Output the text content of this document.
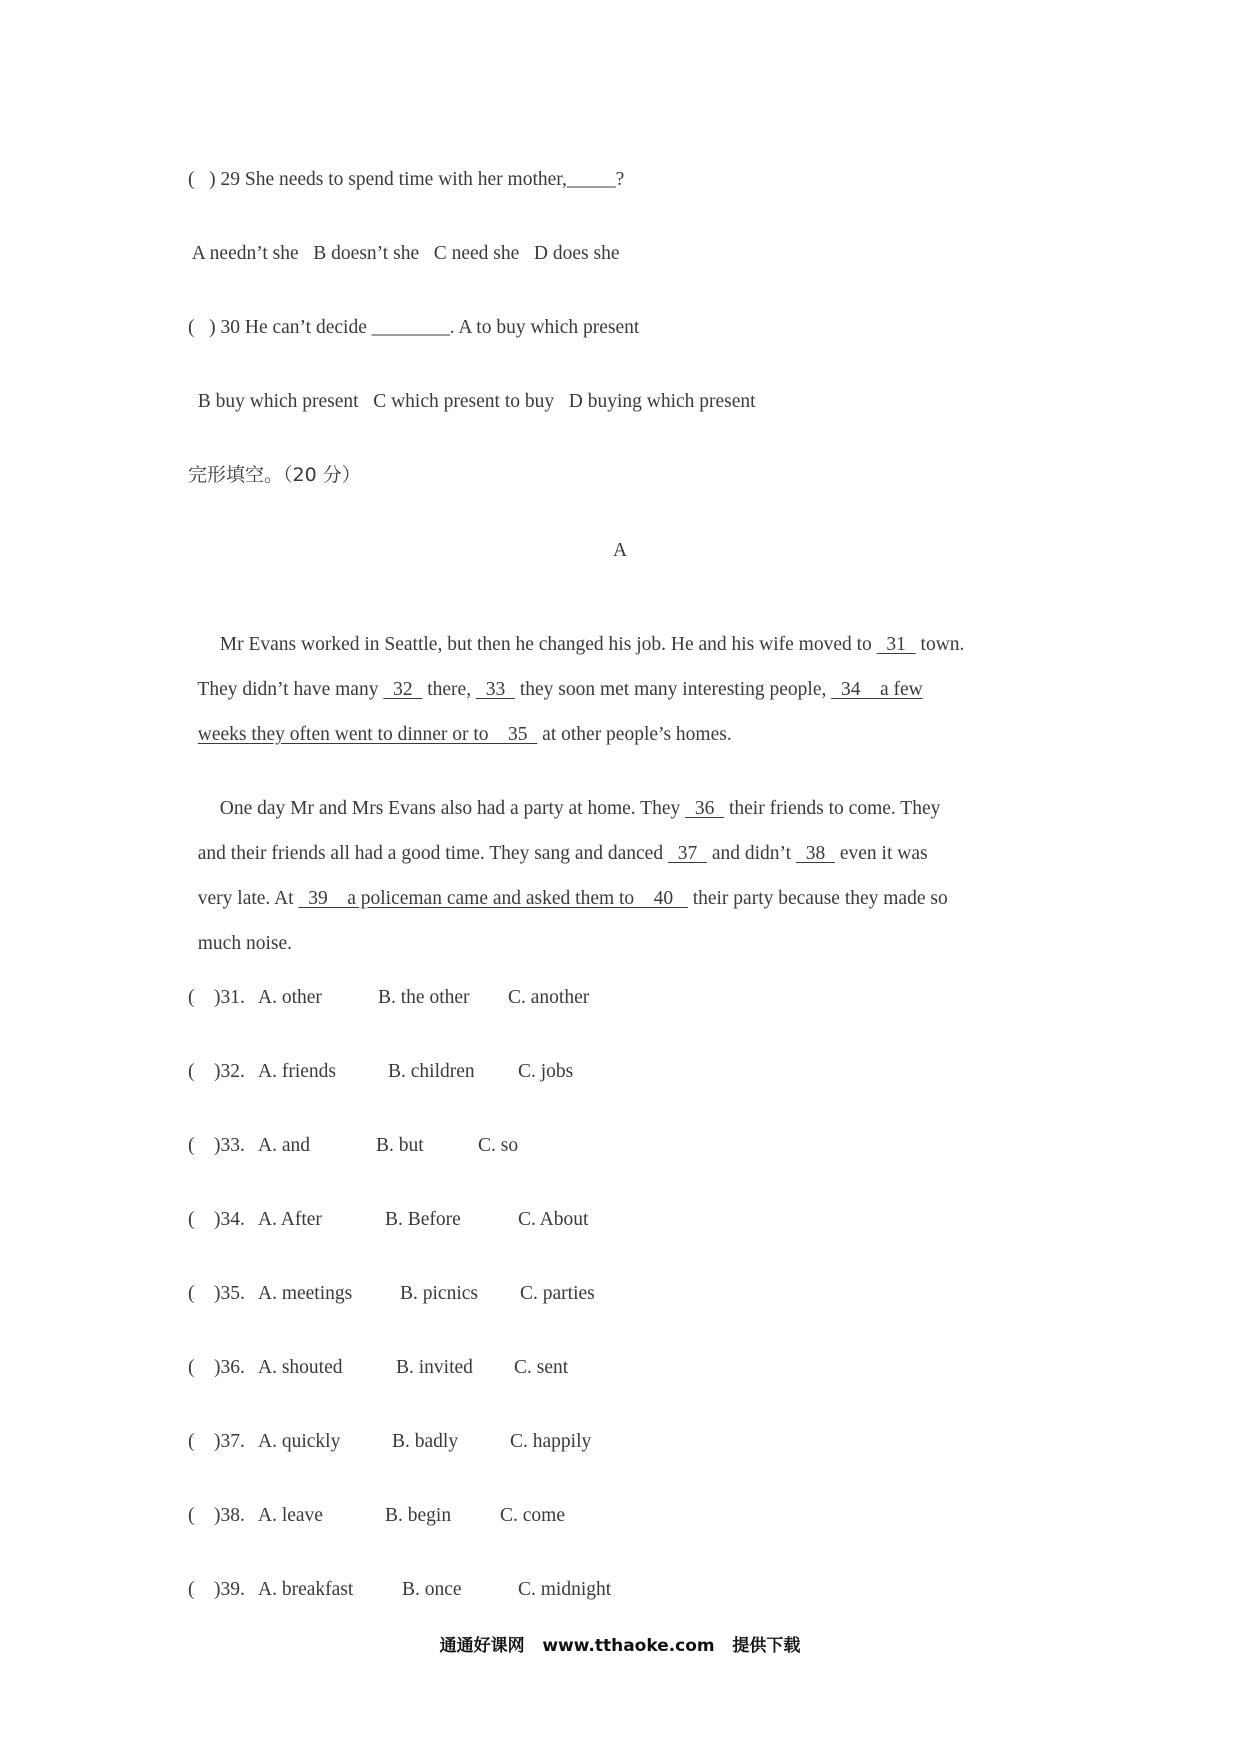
(   ) 29 She needs to spend time with her mother,_____?
A needn’t she   B doesn’t she   C need she   D does she
(   ) 30 He can’t decide ________. A to buy which present
B buy which present   C which present to buy   D buying which present
完形填空。（20 分）
A

Mr Evans worked in Seattle, but then he changed his job. He and his wife moved to   31   town.

They didn’t have many   32   there,   33   they soon met many interesting people,   34    a few

weeks they often went to dinner or to    35   at other people’s homes.

One day Mr and Mrs Evans also had a party at home. They   36   their friends to come. They

and their friends all had a good time. They sang and danced   37   and didn’t   38   even it was

very late. At   39    a policeman came and asked them to    40    their party because they made so

much noise.

(    )31. A. other	B. the other C. another
(    )32. A. friends	B. children C. jobs
(    )33. A. and	B. but	C. so
(    )34. A. After	B. Before	C. About
(    )35. A. meetings B. picnics C. parties
(    )36. A. shouted	B. invited C. sent
(    )37. A. quickly	B. badly	C. happily
(    )38. A. leave	B. begin	C. come
(    )39. A. breakfast B. once	C. midnight
通通好课网   www.tthaoke.com   提供下载
